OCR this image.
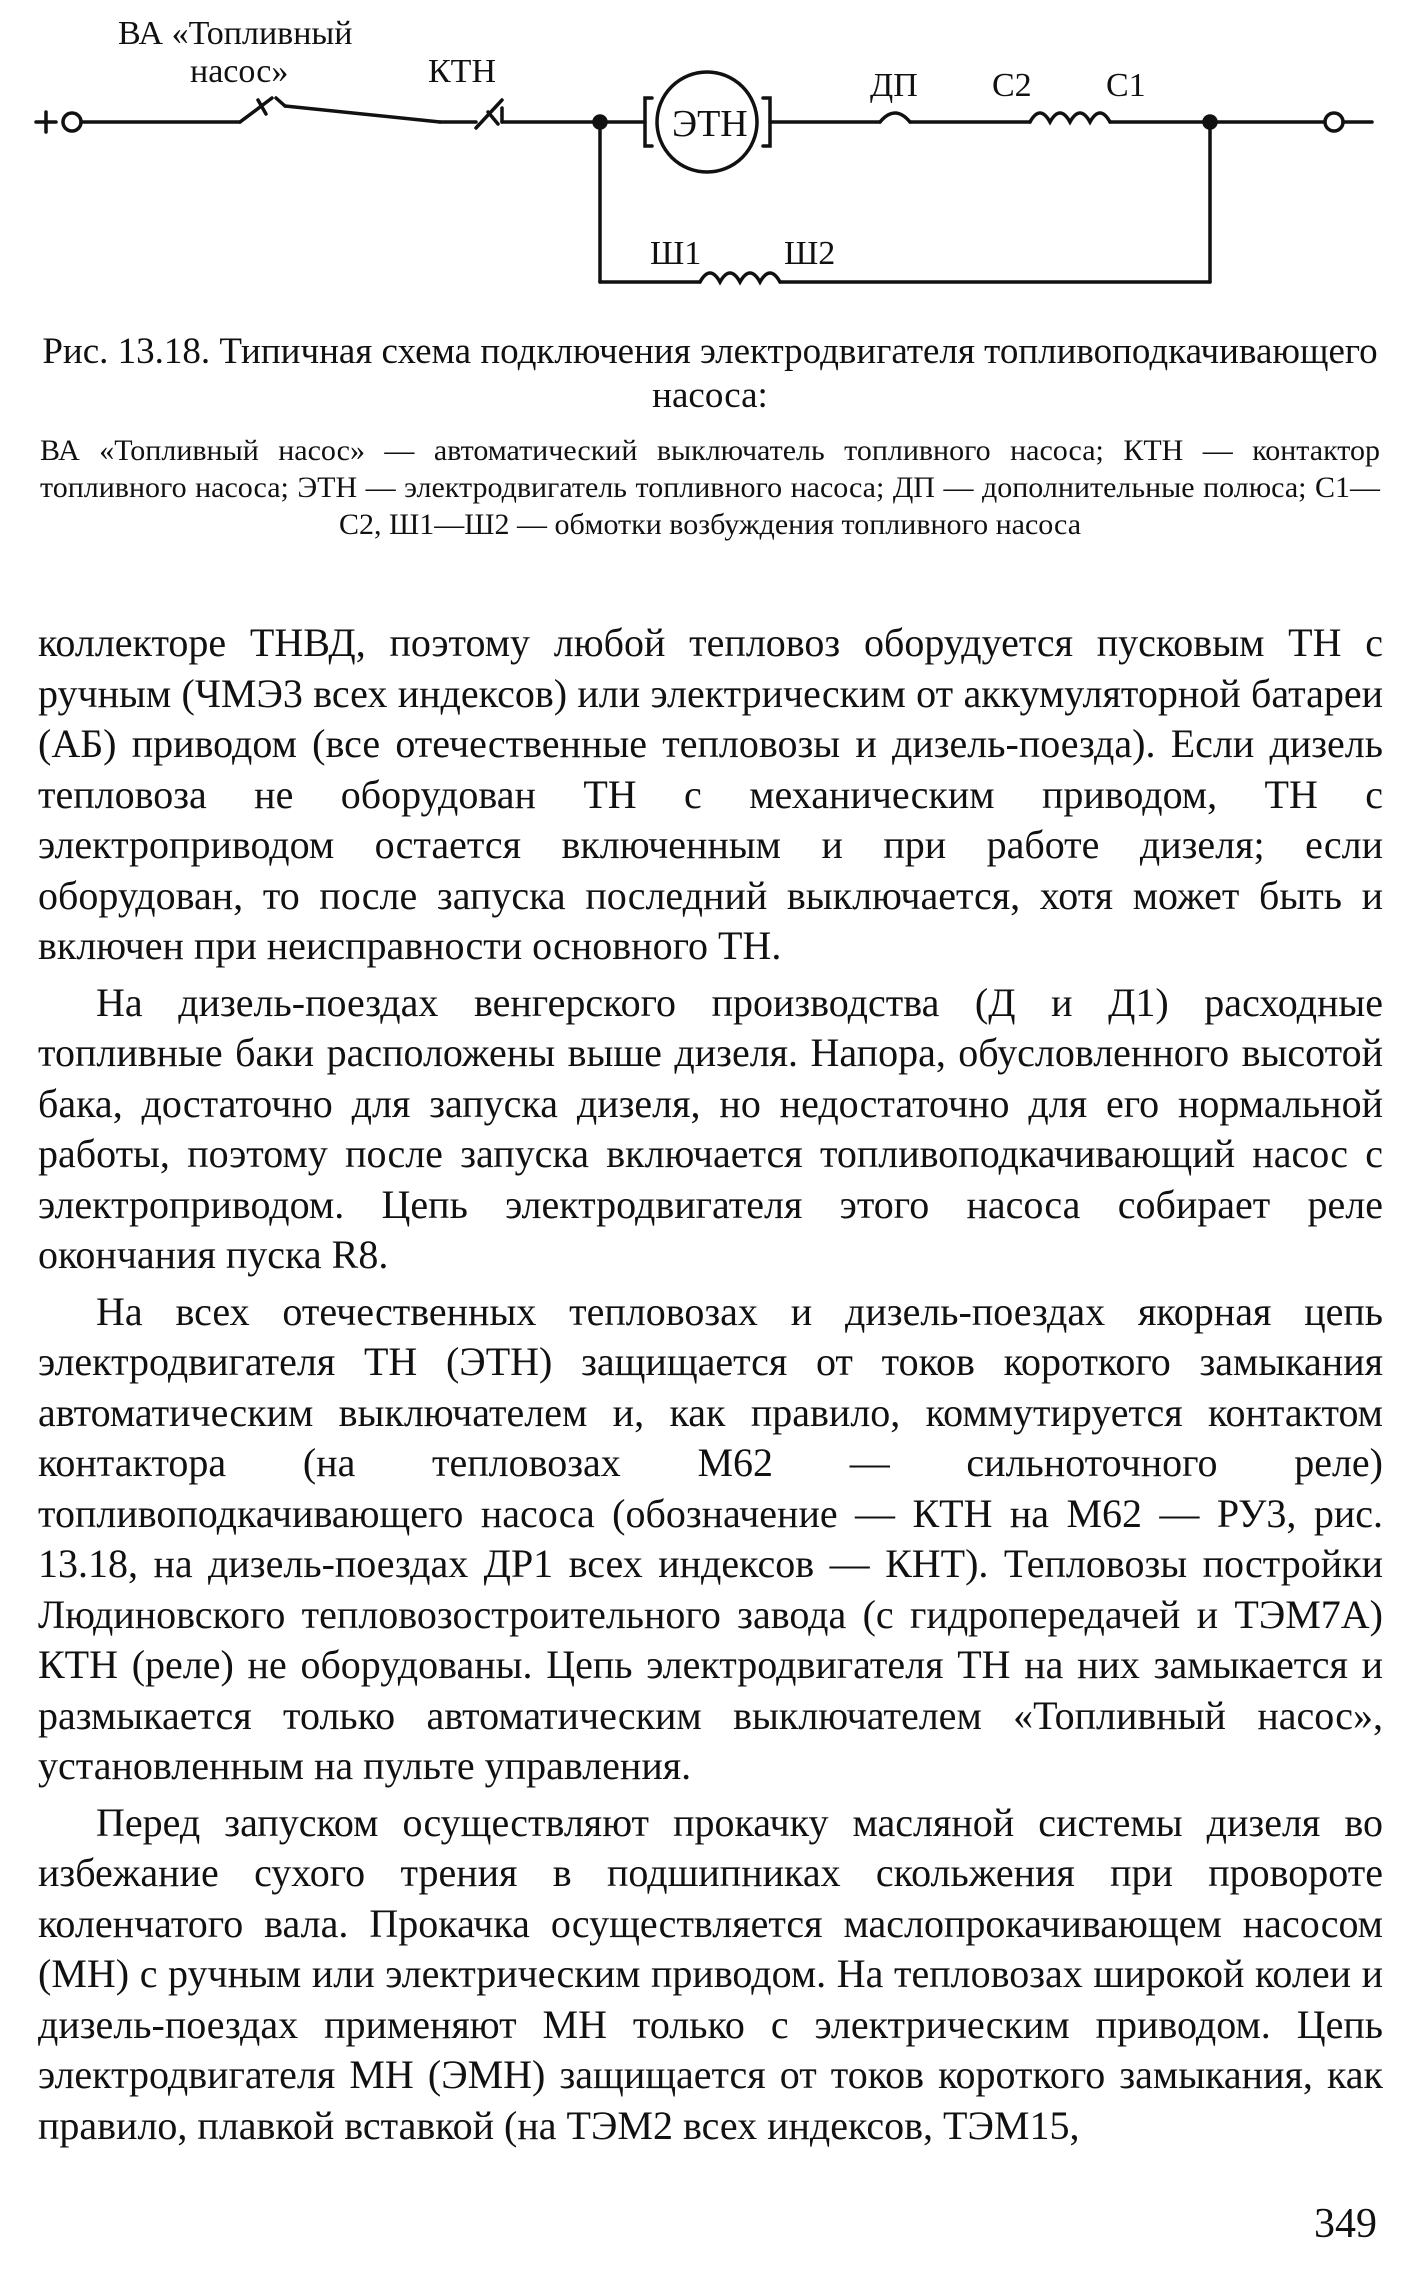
ВА «Топливный
насос»	КТН
ЭТН
ДП С2 С1
Ш1 Ш2
Рис. 13.18. Типичная схема подключения электродвигателя топливоподкачивающего насоса:
ВА «Топливный насос» — автоматический выключатель топливного насоса; КТН — контактор топливного насоса; ЭТН — электродвигатель топливного насоса; ДП — дополнительные полюса; С1—С2, Ш1—Ш2 — обмотки возбуждения топливного насоса

коллекторе ТНВД, поэтому любой тепловоз оборудуется пусковым ТН с ручным (ЧМЭ3 всех индексов) или электрическим от аккумуляторной батареи (АБ) приводом (все отечественные тепловозы и дизель-поезда). Если дизель тепловоза не оборудован ТН с механическим приводом, ТН с электроприводом остается включенным и при работе дизеля; если оборудован, то после запуска последний выключается, хотя может быть и включен при неисправности основного ТН.

На дизель-поездах венгерского производства (Д и Д1) расходные топливные баки расположены выше дизеля. Напора, обусловленного высотой бака, достаточно для запуска дизеля, но недостаточно для его нормальной работы, поэтому после запуска включается топливоподкачивающий насос с электроприводом. Цепь электродвигателя этого насоса собирает реле окончания пуска R8.

На всех отечественных тепловозах и дизель-поездах якорная цепь электродвигателя ТН (ЭТН) защищается от токов короткого замыкания автоматическим выключателем и, как правило, коммутируется контактом контактора (на тепловозах М62 — сильноточного реле) топливоподкачивающего насоса (обозначение — КТН на М62 — РУ3, рис. 13.18, на дизель-поездах ДР1 всех индексов — КНТ). Тепловозы постройки Людиновского тепловозостроительного завода (с гидропередачей и ТЭМ7А) КТН (реле) не оборудованы. Цепь электродвигателя ТН на них замыкается и размыкается только автоматическим выключателем «Топливный насос», установленным на пульте управления.

Перед запуском осуществляют прокачку масляной системы дизеля во избежание сухого трения в подшипниках скольжения при провороте коленчатого вала. Прокачка осуществляется маслопрокачивающем насосом (МН) с ручным или электрическим приводом. На тепловозах широкой колеи и дизель-поездах применяют МН только с электрическим приводом. Цепь электродвигателя МН (ЭМН) защищается от токов короткого замыкания, как правило, плавкой вставкой (на ТЭМ2 всех индексов, ТЭМ15,

349
